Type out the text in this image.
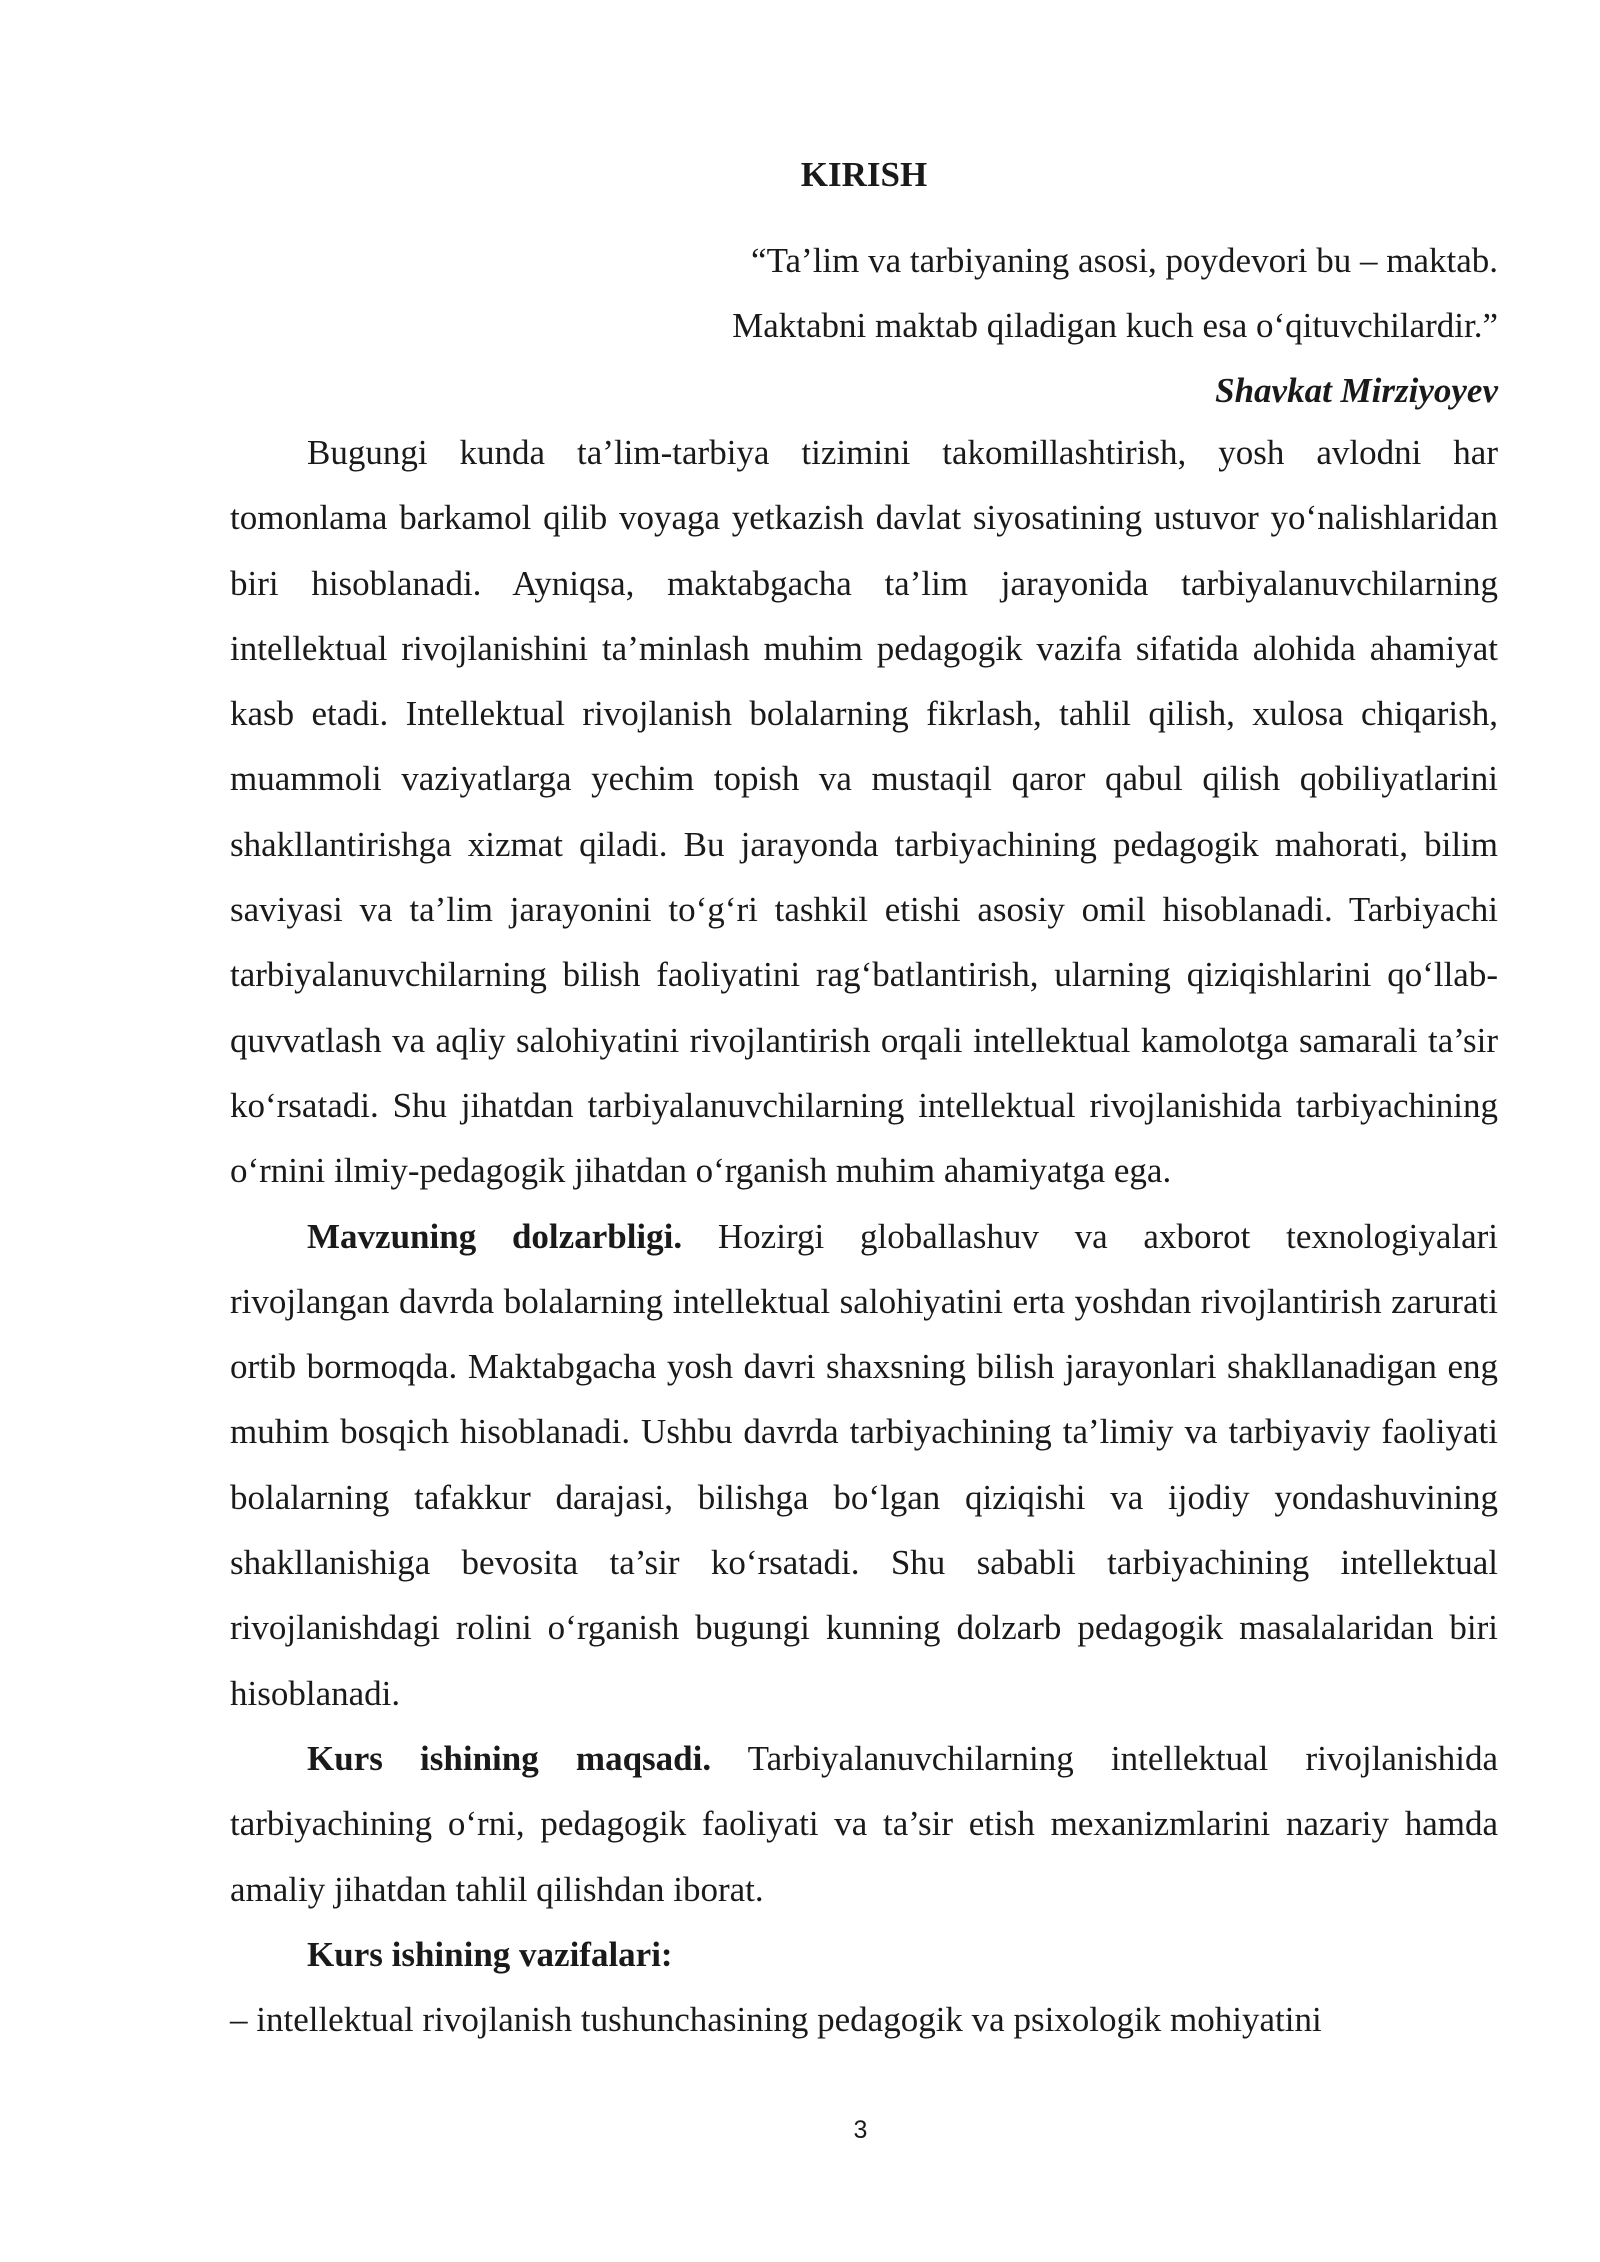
KIRISH
“Ta’lim va tarbiyaning asosi, poydevori bu – maktab.
Maktabni maktab qiladigan kuch esa o‘qituvchilardir.”
Shavkat Mirziyoyev

Bugungi kunda ta’lim-tarbiya tizimini takomillashtirish, yosh avlodni har tomonlama barkamol qilib voyaga yetkazish davlat siyosatining ustuvor yo‘nalishlaridan biri hisoblanadi. Ayniqsa, maktabgacha ta’lim jarayonida tarbiyalanuvchilarning intellektual rivojlanishini ta’minlash muhim pedagogik vazifa sifatida alohida ahamiyat kasb etadi. Intellektual rivojlanish bolalarning fikrlash, tahlil qilish, xulosa chiqarish, muammoli vaziyatlarga yechim topish va mustaqil qaror qabul qilish qobiliyatlarini shakllantirishga xizmat qiladi. Bu jarayonda tarbiyachining pedagogik mahorati, bilim saviyasi va ta’lim jarayonini to‘g‘ri tashkil etishi asosiy omil hisoblanadi. Tarbiyachi tarbiyalanuvchilarning bilish faoliyatini rag‘batlantirish, ularning qiziqishlarini qo‘llab-quvvatlash va aqliy salohiyatini rivojlantirish orqali intellektual kamolotga samarali ta’sir ko‘rsatadi. Shu jihatdan tarbiyalanuvchilarning intellektual rivojlanishida tarbiyachining o‘rnini ilmiy-pedagogik jihatdan o‘rganish muhim ahamiyatga ega.

Mavzuning dolzarbligi. Hozirgi globallashuv va axborot texnologiyalari rivojlangan davrda bolalarning intellektual salohiyatini erta yoshdan rivojlantirish zarurati ortib bormoqda. Maktabgacha yosh davri shaxsning bilish jarayonlari shakllanadigan eng muhim bosqich hisoblanadi. Ushbu davrda tarbiyachining ta’limiy va tarbiyaviy faoliyati bolalarning tafakkur darajasi, bilishga bo‘lgan qiziqishi va ijodiy yondashuvining shakllanishiga bevosita ta’sir ko‘rsatadi. Shu sababli tarbiyachining intellektual rivojlanishdagi rolini o‘rganish bugungi kunning dolzarb pedagogik masalalaridan biri hisoblanadi.

Kurs ishining maqsadi. Tarbiyalanuvchilarning intellektual rivojlanishida tarbiyachining o‘rni, pedagogik faoliyati va ta’sir etish mexanizmlarini nazariy hamda amaliy jihatdan tahlil qilishdan iborat.

Kurs ishining vazifalari:

– intellektual rivojlanish tushunchasining pedagogik va psixologik mohiyatini

3
